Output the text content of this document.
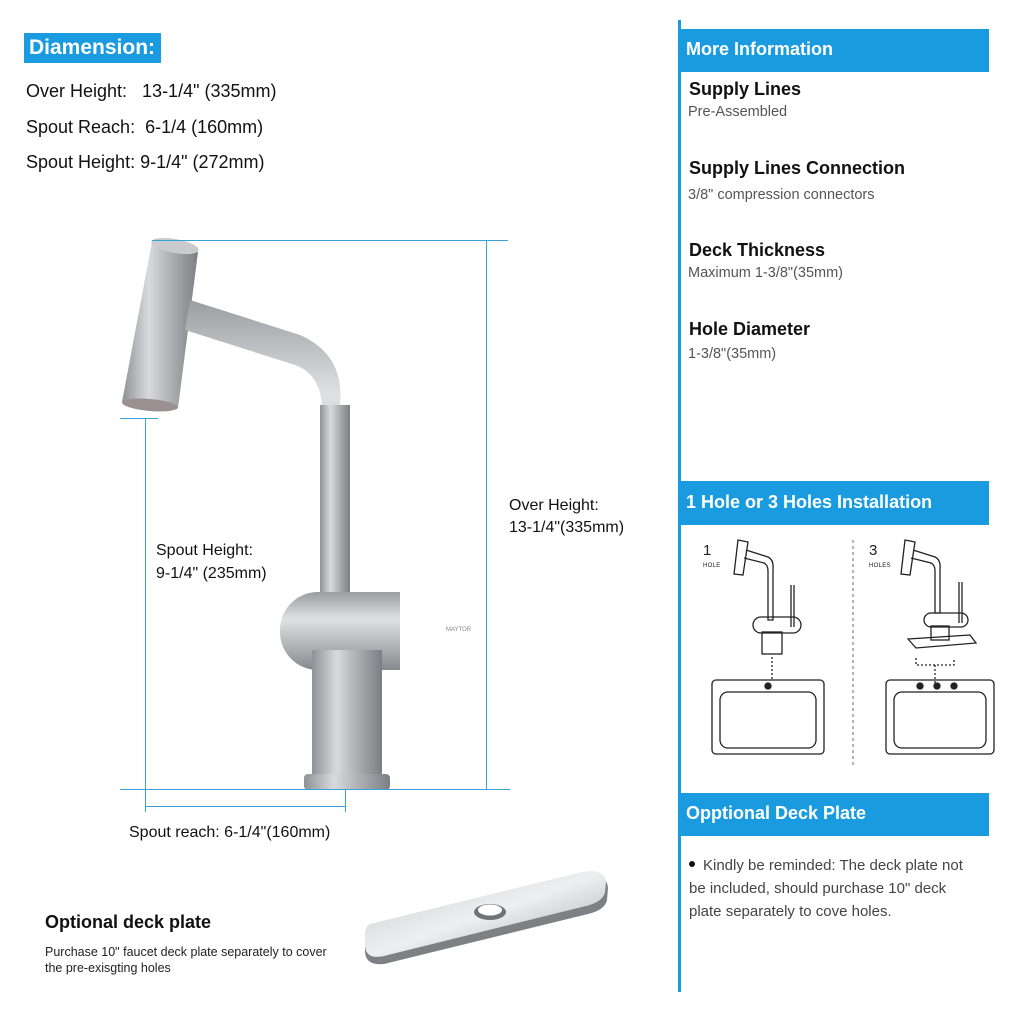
Diamension:
Over Height:   13-1/4" (335mm)
Spout Reach:  6-1/4 (160mm)
Spout Height: 9-1/4" (272mm)
Over Height:
13-1/4"(335mm)
Spout Height:
9-1/4" (235mm)
Spout reach: 6-1/4"(160mm)
MAYTOR
Optional deck plate
Purchase 10" faucet deck plate separately to cover the pre-exisgting holes
More Information
Supply Lines
Pre-Assembled
Supply Lines Connection
3/8" compression connectors
Deck Thickness
Maximum 1-3/8"(35mm)
Hole Diameter
1-3/8"(35mm)
1 Hole or 3 Holes Installation
1
HOLE
3
HOLES
Opptional Deck Plate
Kindly be reminded: The deck plate not be included, should purchase 10" deck plate separately to cove holes.
